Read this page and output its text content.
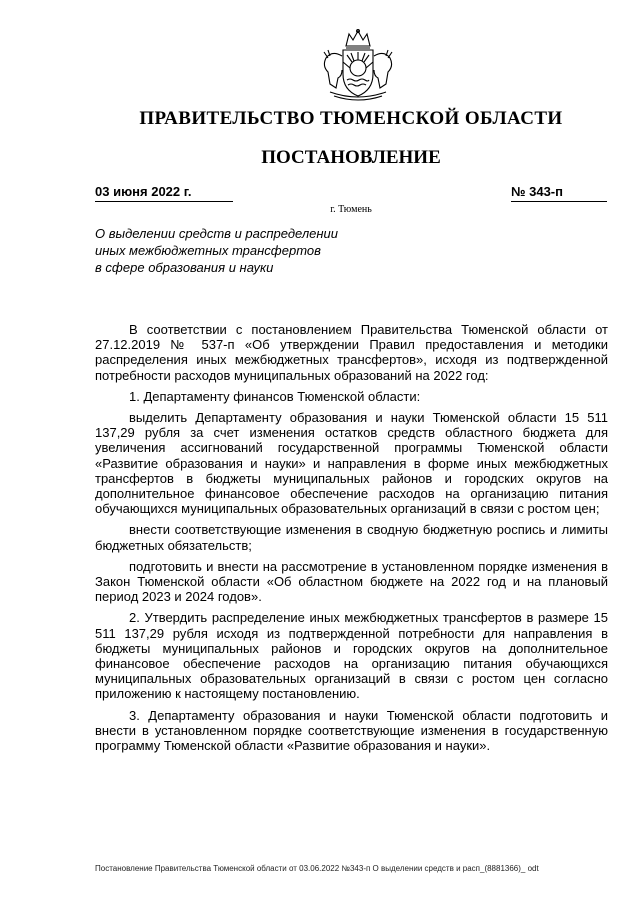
ПРАВИТЕЛЬСТВО ТЮМЕНСКОЙ ОБЛАСТИ
ПОСТАНОВЛЕНИЕ
03 июня 2022 г.	№ 343-п
г. Тюмень
О выделении средств и распределении
иных межбюджетных трансфертов
в сфере образования и науки

В соответствии с постановлением Правительства Тюменской области от 27.12.2019 № 537-п «Об утверждении Правил предоставления и методики распределения иных межбюджетных трансфертов», исходя из подтвержденной потребности расходов муниципальных образований на 2022 год:

1. Департаменту финансов Тюменской области:

выделить Департаменту образования и науки Тюменской области 15 511 137,29 рубля за счет изменения остатков средств областного бюджета для увеличения ассигнований государственной программы Тюменской области «Развитие образования и науки» и направления в форме иных межбюджетных трансфертов в бюджеты муниципальных районов и городских округов на дополнительное финансовое обеспечение расходов на организацию питания обучающихся муниципальных образовательных организаций в связи с ростом цен;

внести соответствующие изменения в сводную бюджетную роспись и лимиты бюджетных обязательств;

подготовить и внести на рассмотрение в установленном порядке изменения в Закон Тюменской области «Об областном бюджете на 2022 год и на плановый период 2023 и 2024 годов».

2. Утвердить распределение иных межбюджетных трансфертов в размере 15 511 137,29 рубля исходя из подтвержденной потребности для направления в бюджеты муниципальных районов и городских округов на дополнительное финансовое обеспечение расходов на организацию питания обучающихся муниципальных образовательных организаций в связи с ростом цен согласно приложению к настоящему постановлению.

3. Департаменту образования и науки Тюменской области подготовить и внести в установленном порядке соответствующие изменения в государственную программу Тюменской области «Развитие образования и науки».

Постановление Правительства Тюменской области от 03.06.2022 №343-п О выделении средств и расп_(8881366)_ odt
